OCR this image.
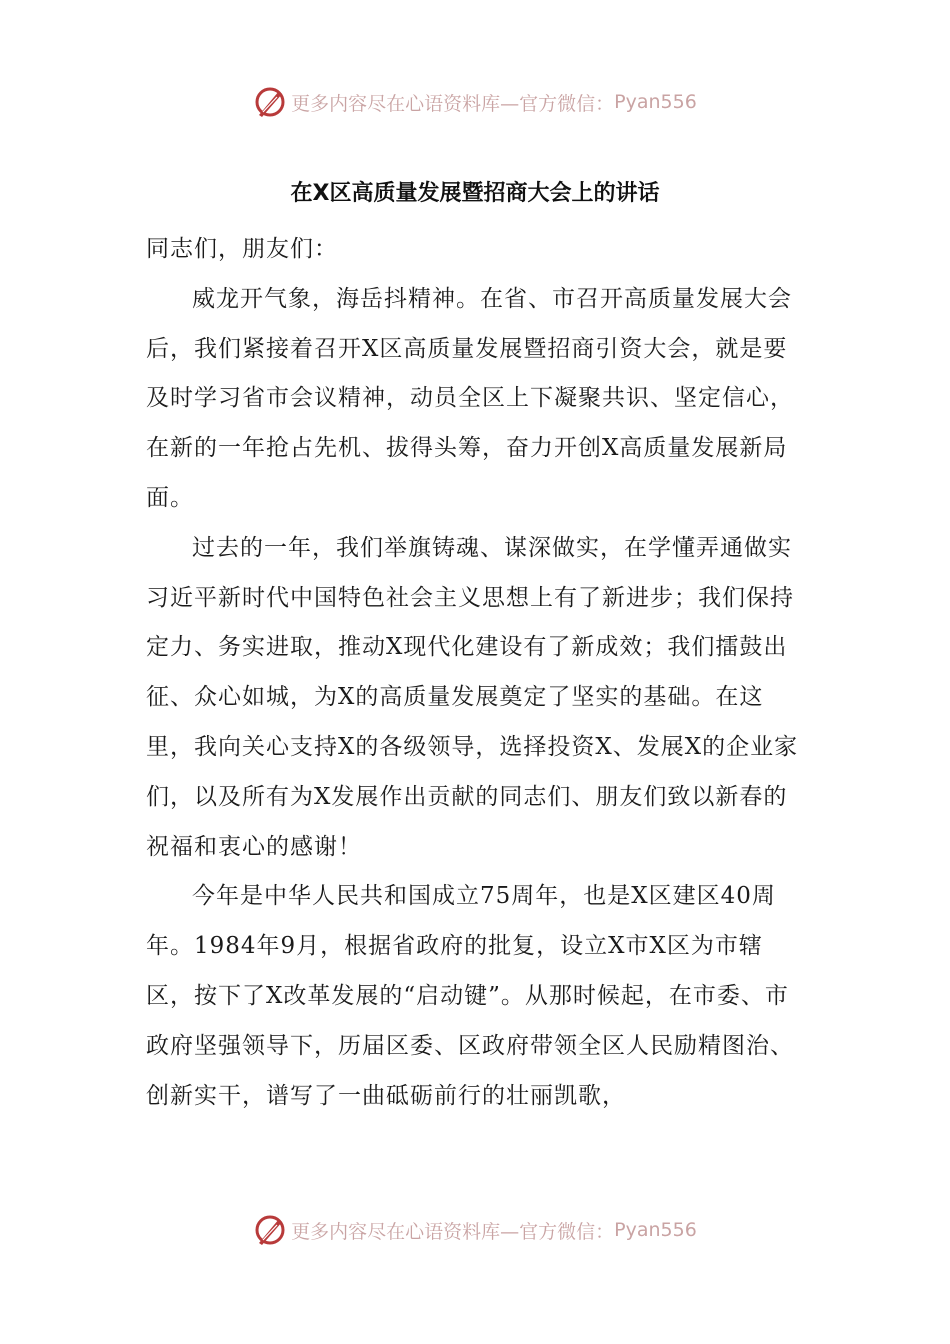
更多内容尽在心语资料库—官方微信： Pyan556
在X区高质量发展暨招商大会上的讲话

同志们，朋友们：

威龙开气象，海岳抖精神。在省、市召开高质量发展大会后，我们紧接着召开X区高质量发展暨招商引资大会，就是要及时学习省市会议精神，动员全区上下凝聚共识、坚定信心，在新的一年抢占先机、拔得头筹，奋力开创X高质量发展新局面。

过去的一年，我们举旗铸魂、谋深做实，在学懂弄通做实习近平新时代中国特色社会主义思想上有了新进步；我们保持定力、务实进取，推动X现代化建设有了新成效；我们擂鼓出征、众心如城，为X的高质量发展奠定了坚实的基础。在这里，我向关心支持X的各级领导，选择投资X、发展X的企业家们，以及所有为X发展作出贡献的同志们、朋友们致以新春的祝福和衷心的感谢！

今年是中华人民共和国成立75周年，也是X区建区40周年。1984年9月，根据省政府的批复，设立X市X区为市辖区，按下了X改革发展的“启动键”。从那时候起，在市委、市政府坚强领导下，历届区委、区政府带领全区人民励精图治、创新实干，谱写了一曲砥砺前行的壮丽凯歌，

更多内容尽在心语资料库—官方微信： Pyan556
